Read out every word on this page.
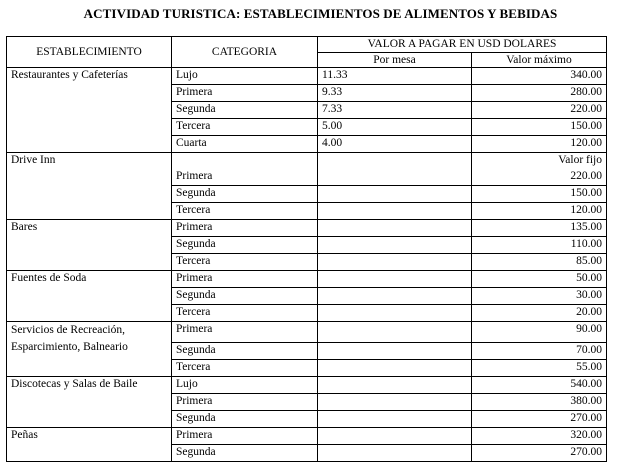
ACTIVIDAD TURISTICA: ESTABLECIMIENTOS DE ALIMENTOS Y BEBIDAS
ESTABLECIMIENTO	CATEGORIA	VALOR A PAGAR EN USD DOLARES	
		Por mesa	Valor máximo
Restaurantes y Cafeterías	Lujo	11.33	340.00
	Primera	9.33	280.00
	Segunda	7.33	220.00
	Tercera	5.00	150.00
	Cuarta	4.00	120.00
Drive Inn			Valor fijo
	Primera		220.00
	Segunda		150.00
	Tercera		120.00
Bares	Primera		135.00
	Segunda		110.00
	Tercera		85.00
Fuentes de Soda	Primera		50.00
	Segunda		30.00
	Tercera		20.00

Servicios de Recreación,
Esparcimiento, Balneario	Primera		90.00
	Segunda		70.00
	Tercera		55.00
Discotecas y Salas de Baile	Lujo		540.00
	Primera		380.00
	Segunda		270.00
Peñas	Primera		320.00
	Segunda		270.00
